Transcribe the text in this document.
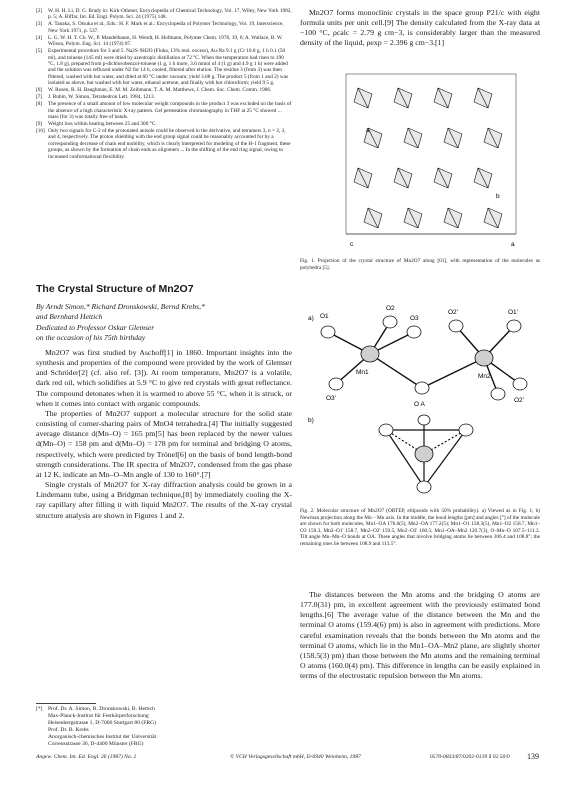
[2] W. H. H. Li, D. G. Brady in: Kirk-Othmer, Encyclopedia of Chemical Technology, Vol. 17, Wiley, New York 1982, p. 5; A. Biffar, Int. Ed. Engl. Polym. Sci. 24 (1975) 148.
[3] A. Tanaka, S. Otsuka et al., Eds.: H. F. Mark et al.: Encyclopedia of Polymer Technology, Vol. 19, Interscience, New York 1971, p. 537.
[4] L. G. W. H. T. Ch. W., P. Mandelbaum, H. Wendt, H. Hofmann, Polymer Chem. 1976, 19, 6; A. Wallace, B. W. Wilson, Polym. Eng. Sci. 14 (1974) 87.
[5] Experimental procedure for 3 and 5. Na2S·9H2O (Fluka, 13% mol. excess), Au-Na 9.1 g (Cr 10.8 g, 1 h 0.1 (50 ml), and toluene (145 ml) were dried by azeotropic distillation at 72 °C. When the temperature had risen to 190 °C, 1.8 g), prepared from p-dichlorobenzol-toluene (1 g, 1 h more, 3.6 mmol of 4 (1 g) and 4.9 g 1 h) were added and the solution was refluxed under N2 for 14 h, cooled, filtered after elution. The residue 3 (from 3) was then filtered, washed with hot water, and dried at 60 °C under vacuum; yield 3.68 g. The product 5 (from 1 and 2) was isolated as above, but washed with hot water, ethanol acetone, and finally with hot chloroform; yield 9.5 g.
[6] W. Rosen, R. H. Baughman, E. M. M. Zeibmann, T. A. M. Matthews, J. Chem. Soc. Chem. Comm. 1986.
[7] J. Rubin, W. Simon, Tetrahedron Lett. 1984, 1213.
[8] The presence of a small amount of low molecular weight compounds in the product 3 was excluded on the basis of the absence of a high characteristic X-ray pattern. Gel permeation chromatography in THF at 25 °C showed ... mass (for 3) was totally free of bands.
[9] Weight loss within heating between 25 and 300 °C.
[10] Only two signals for C-2 of the protonated anisole could be observed in the derivative, and tetramers 3, n = 2, 3, and 4, respectively. The proton shielding with the end group signal could be reasonably accounted for by a corresponding decrease of chain end mobility, which is clearly interpreted for modeling of the H-1 fragment, these groups, as shown by the formation of chain ends as oligomers ... In the shifting of the end ring signal, owing to increased conformational flexibility.
The Crystal Structure of Mn2O7
By Arndt Simon,* Richard Dronskowski, Bernd Krebs,*
and Bernhard Hettich
Dedicated to Professor Oskar Glemser
on the occasion of his 75th birthday

Mn2O7 was first studied by Aschoff[1] in 1860. Important insights into the synthesis and properties of the compound were provided by the work of Glemser and Schröder[2] (cf. also ref. [3]). At room temperature, Mn2O7 is a volatile, dark red oil, which solidifies at 5.9 °C to give red crystals with great reflectance. The compound detonates when it is warmed to above 55 °C, when it is struck, or when it comes into contact with organic compounds.

The properties of Mn2O7 support a molecular structure for the solid state consisting of corner-sharing pairs of MnO4 tetrahedra.[4] The initially suggested average distance d(Mn–O) = 165 pm[5] has been replaced by the newer values d(Mn–O) = 158 pm and d(Mn–O) = 178 pm for terminal and bridging O atoms, respectively, which were predicted by Trönel[6] on the basis of bond length-bond strength considerations. The IR spectra of Mn2O7, condensed from the gas phase at 12 K, indicate an Mn–O–Mn angle of 130 to 160°.[7]

Single crystals of Mn2O7 for X-ray diffraction analysis could be grown in a Lindemann tube, using a Bridgman technique,[8] by immediately cooling the X-ray capillary after filling it with liquid Mn2O7. The results of the X-ray crystal structure analysis are shown in Figures 1 and 2.

[*] Prof. Dr. A. Simon, R. Dronskowski, B. Hettich
Max-Planck-Institut für Festkörperforschung
Heisenbergstrasse 1, D-7000 Stuttgart 80 (FRG)
Prof. Dr. B. Krebs
Anorganisch-chemisches Institut der Universität
Corrensstrasse 36, D-4400 Münster (FRG)

Mn2O7 forms monoclinic crystals in the space group P21/c with eight formula units per unit cell.[9] The density calculated from the X-ray data at −100 °C, ρcalc = 2.79 g cm−3, is considerably larger than the measured density of the liquid, ρexp = 2.396 g cm−3.[1]

a
b
c	a
Fig. 1. Projection of the crystal structure of Mn2O7 along [01], with representation of the molecules as polyhedra [5].
a)
b)
O1
O2
O3
O2'	O1'
Mn1
Mn2
O A
O3'	O2'
Fig. 2. Molecular structure of Mn2O7 (ORTEP, ellipsoids with 50% probability). a) Viewed as in Fig. 1; b) Newman projection along the Mn···Mn axis. In the middle, the bond lengths [pm] and angles [°] of the molecule are shown for both molecules, Mn1–OA 176.6(5), Mn2–OA 177.2(5); Mn1–O1 158.3(5), Mn1–O2 158.7, Mn1–O3 159.3, Mn2–O1' 158.7, Mn2–O2' 159.5, Mn2–O3' 160.5; Mn1–OA–Mn2 120.7(3), O–Mn–O 107.5–111.2. Tilt angle Mn–Mn–O bonds at OA. These angles that involve bridging atoms lie between 106.4 and 108.8°; the remaining ones lie between 108.9 and 113.5°.

The distances between the Mn atoms and the bridging O atoms are 177.0(31) pm, in excellent agreement with the previously estimated bond lengths.[6] The average value of the distance between the Mn and the terminal O atoms (159.4(6) pm) is also in agreement with predictions. More careful examination reveals that the bonds between the Mn atoms and the terminal O atoms, which lie in the Mn1–OA–Mn2 plane, are slightly shorter (158.5(3) pm) than those between the Mn atoms and the remaining terminal O atoms (160.0(4) pm). This difference in lengths can be easily explained in terms of the electrostatic repulsion between the Mn atoms.

Angew. Chem. Int. Ed. Engl. 26 (1987) No. 2	© VCH Verlagsgesellschaft mbH, D-6940 Weinheim, 1987	0570-0833/87/0202-0139 $ 02.50/0 139
